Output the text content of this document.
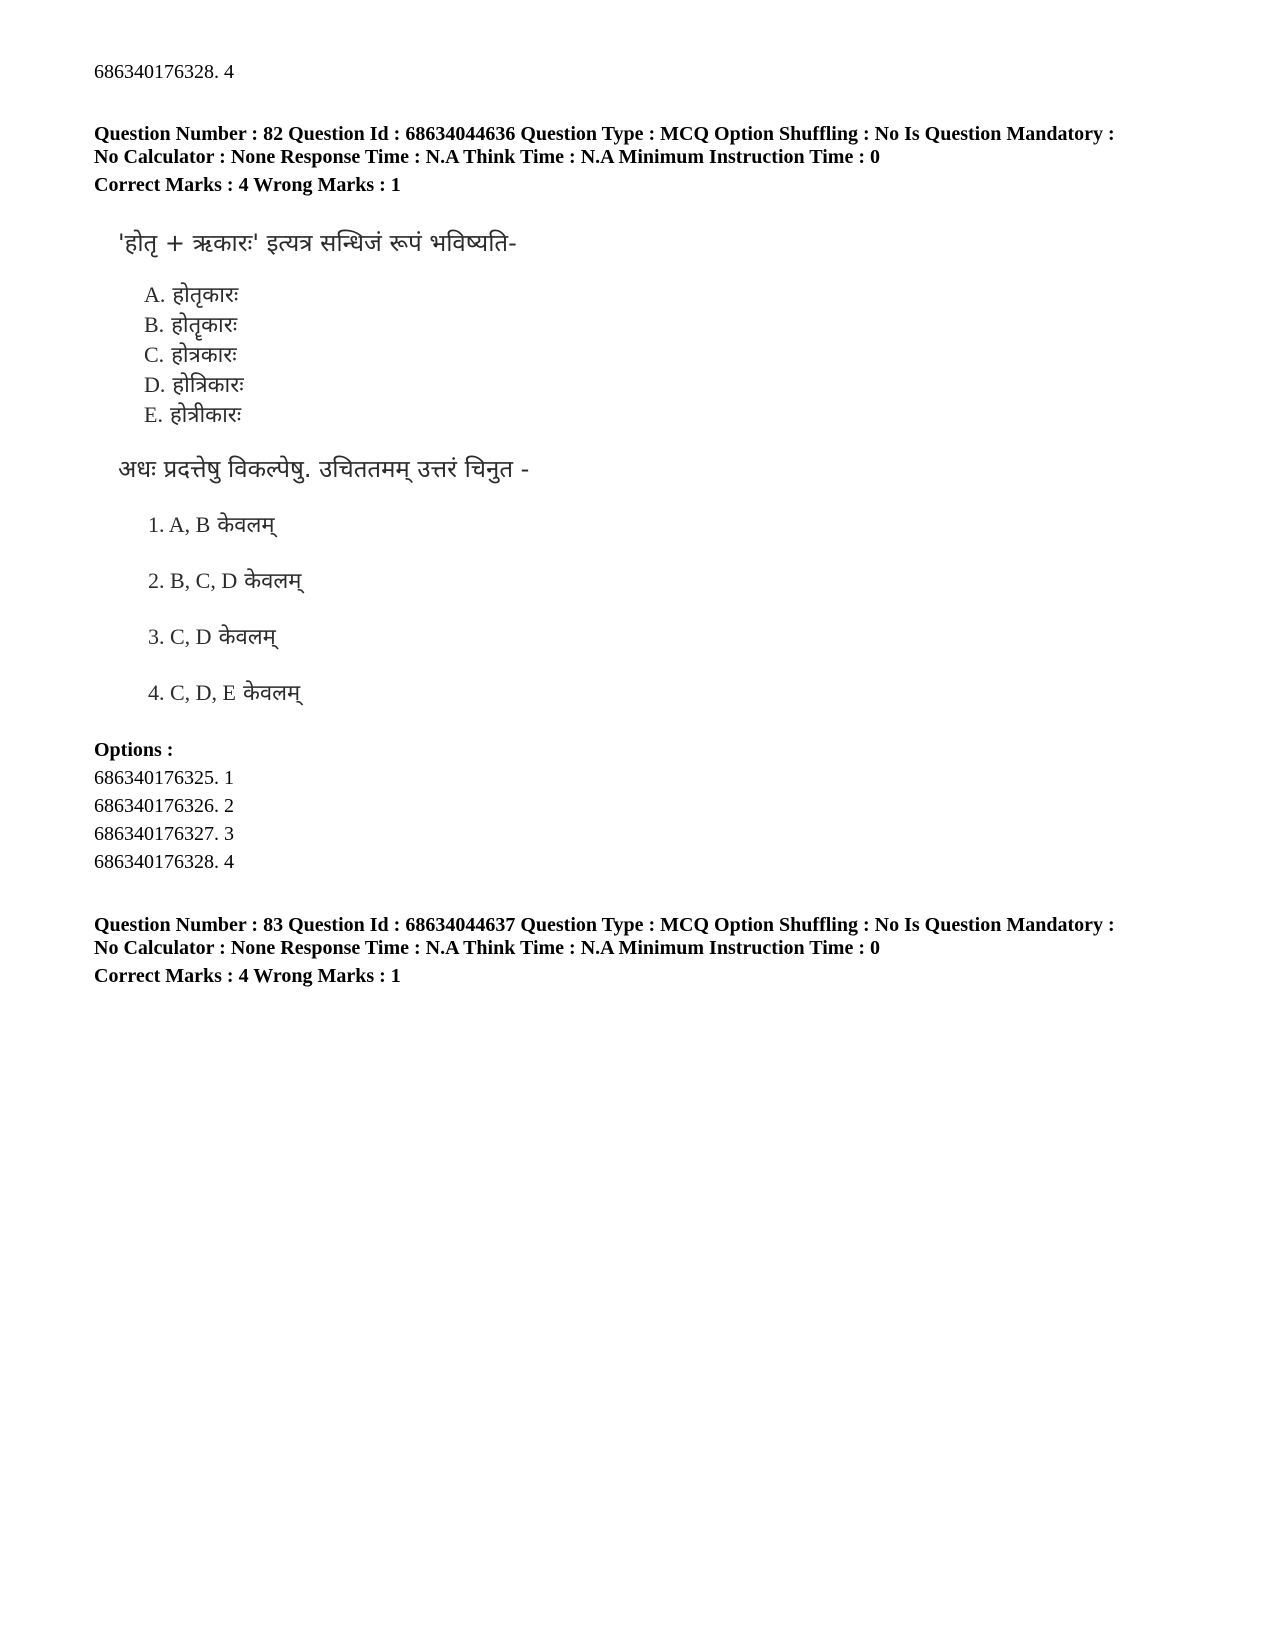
686340176328. 4
Question Number : 82 Question Id : 68634044636 Question Type : MCQ Option Shuffling : No Is Question Mandatory :
No Calculator : None Response Time : N.A Think Time : N.A Minimum Instruction Time : 0
Correct Marks : 4 Wrong Marks : 1
'होतृ + ऋकारः' इत्यत्र सन्धिजं रूपं भविष्यति-
A. होतृकारः
B. होतॄकारः
C. होत्रकारः
D. होत्रिकारः
E. होत्रीकारः
अधः प्रदत्तेषु विकल्पेषु. उचिततमम् उत्तरं चिनुत -
1. A, B केवलम्
2. B, C, D केवलम्
3. C, D केवलम्
4. C, D, E केवलम्
Options :
686340176325. 1
686340176326. 2
686340176327. 3
686340176328. 4
Question Number : 83 Question Id : 68634044637 Question Type : MCQ Option Shuffling : No Is Question Mandatory :
No Calculator : None Response Time : N.A Think Time : N.A Minimum Instruction Time : 0
Correct Marks : 4 Wrong Marks : 1
